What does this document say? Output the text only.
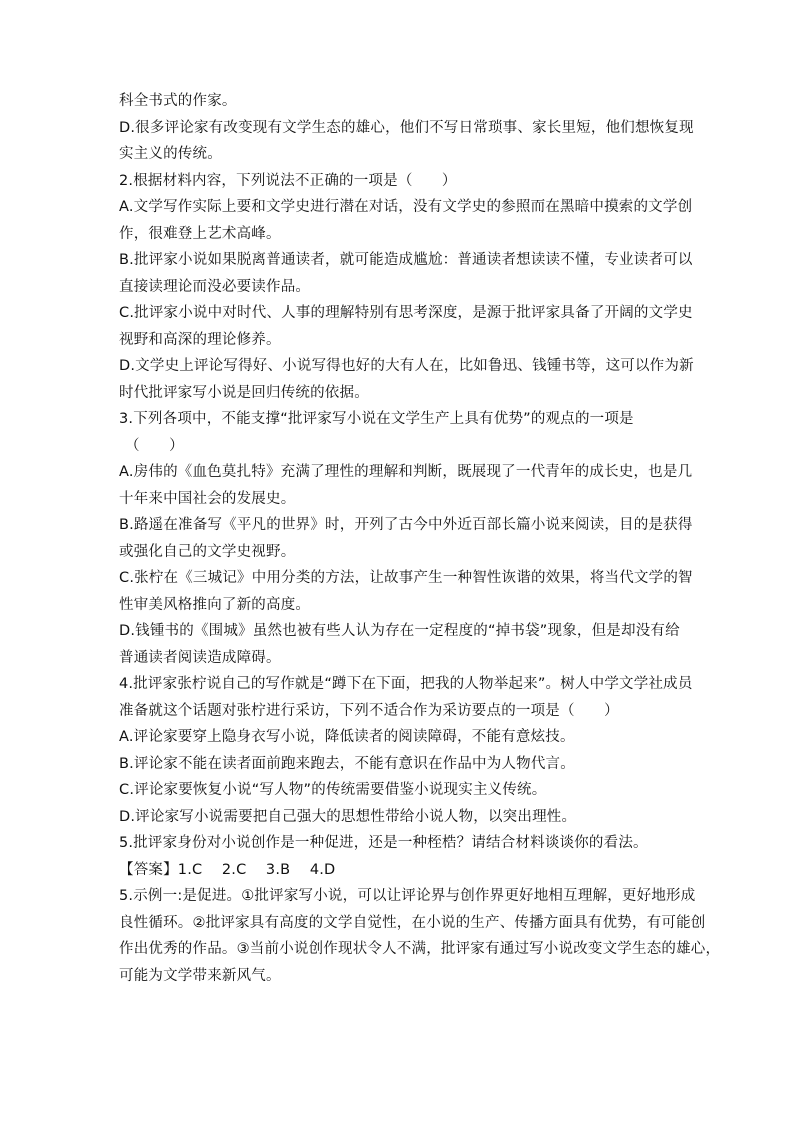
科全书式的作家。
D.很多评论家有改变现有文学生态的雄心，他们不写日常琐事、家长里短，他们想恢复现
实主义的传统。
2.根据材料内容，下列说法不正确的一项是（　　）
A.文学写作实际上要和文学史进行潜在对话，没有文学史的参照而在黑暗中摸索的文学创
作，很难登上艺术高峰。
B.批评家小说如果脱离普通读者，就可能造成尴尬：普通读者想读读不懂，专业读者可以
直接读理论而没必要读作品。
C.批评家小说中对时代、人事的理解特别有思考深度，是源于批评家具备了开阔的文学史
视野和高深的理论修养。
D.文学史上评论写得好、小说写得也好的大有人在，比如鲁迅、钱锺书等，这可以作为新
时代批评家写小说是回归传统的依据。
3.下列各项中，不能支撑“批评家写小说在文学生产上具有优势”的观点的一项是
（　　）
A.房伟的《血色莫扎特》充满了理性的理解和判断，既展现了一代青年的成长史，也是几
十年来中国社会的发展史。
B.路遥在准备写《平凡的世界》时，开列了古今中外近百部长篇小说来阅读，目的是获得
或强化自己的文学史视野。
C.张柠在《三城记》中用分类的方法，让故事产生一种智性诙谐的效果，将当代文学的智
性审美风格推向了新的高度。
D.钱锺书的《围城》虽然也被有些人认为存在一定程度的“掉书袋”现象，但是却没有给
普通读者阅读造成障碍。
4.批评家张柠说自己的写作就是“蹲下在下面，把我的人物举起来”。树人中学文学社成员
准备就这个话题对张柠进行采访，下列不适合作为采访要点的一项是（　　）
A.评论家要穿上隐身衣写小说，降低读者的阅读障碍，不能有意炫技。
B.评论家不能在读者面前跑来跑去，不能有意识在作品中为人物代言。
C.评论家要恢复小说“写人物”的传统需要借鉴小说现实主义传统。
D.评论家写小说需要把自己强大的思想性带给小说人物，以突出理性。
5.批评家身份对小说创作是一种促进，还是一种桎梏？请结合材料谈谈你的看法。
【答案】1.C　 2.C　 3.B　 4.D
5.示例一:是促进。①批评家写小说，可以让评论界与创作界更好地相互理解，更好地形成
良性循环。②批评家具有高度的文学自觉性，在小说的生产、传播方面具有优势，有可能创
作出优秀的作品。③当前小说创作现状令人不满，批评家有通过写小说改变文学生态的雄心，
可能为文学带来新风气。
